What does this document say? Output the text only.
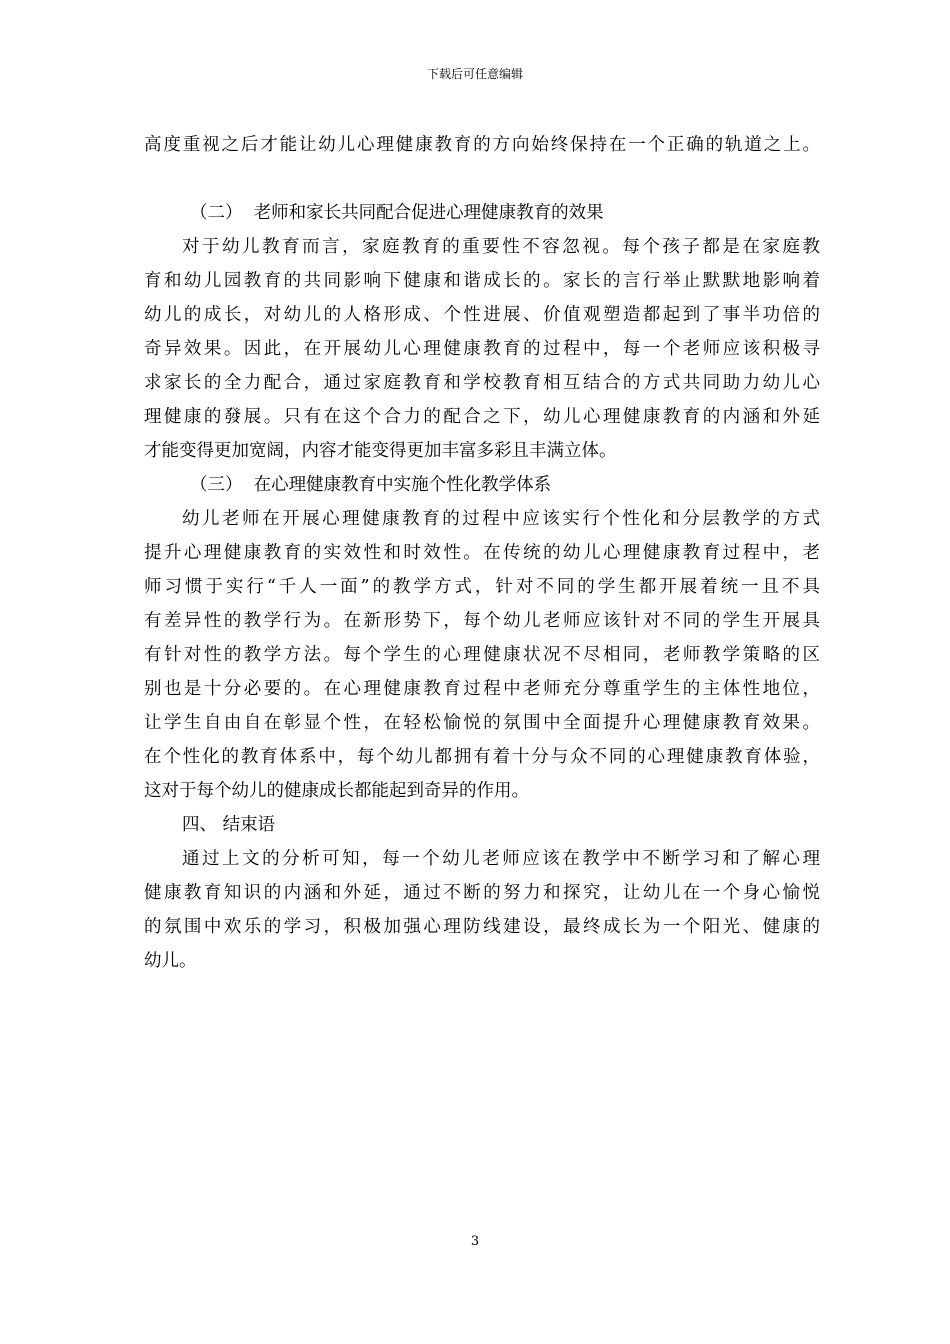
下载后可任意编辑
高度重视之后才能让幼儿心理健康教育的方向始终保持在一个正确的轨道之上。
（二）  老师和家长共同配合促进心理健康教育的效果
对于幼儿教育而言，家庭教育的重要性不容忽视。每个孩子都是在家庭教
育和幼儿园教育的共同影响下健康和谐成长的。家长的言行举止默默地影响着
幼儿的成长，对幼儿的人格形成、个性进展、价值观塑造都起到了事半功倍的
奇异效果。因此，在开展幼儿心理健康教育的过程中，每一个老师应该积极寻
求家长的全力配合，通过家庭教育和学校教育相互结合的方式共同助力幼儿心
理健康的發展。只有在这个合力的配合之下，幼儿心理健康教育的内涵和外延
才能变得更加宽阔，内容才能变得更加丰富多彩且丰满立体。
（三）  在心理健康教育中实施个性化教学体系
幼儿老师在开展心理健康教育的过程中应该实行个性化和分层教学的方式
提升心理健康教育的实效性和时效性。在传统的幼儿心理健康教育过程中，老
师习惯于实行“千人一面”的教学方式，针对不同的学生都开展着统一且不具
有差异性的教学行为。在新形势下，每个幼儿老师应该针对不同的学生开展具
有针对性的教学方法。每个学生的心理健康状况不尽相同，老师教学策略的区
别也是十分必要的。在心理健康教育过程中老师充分尊重学生的主体性地位，
让学生自由自在彰显个性，在轻松愉悦的氛围中全面提升心理健康教育效果。
在个性化的教育体系中，每个幼儿都拥有着十分与众不同的心理健康教育体验，
这对于每个幼儿的健康成长都能起到奇异的作用。
四、 结束语
通过上文的分析可知，每一个幼儿老师应该在教学中不断学习和了解心理
健康教育知识的内涵和外延，通过不断的努力和探究，让幼儿在一个身心愉悦
的氛围中欢乐的学习，积极加强心理防线建设，最终成长为一个阳光、健康的
幼儿。
3
